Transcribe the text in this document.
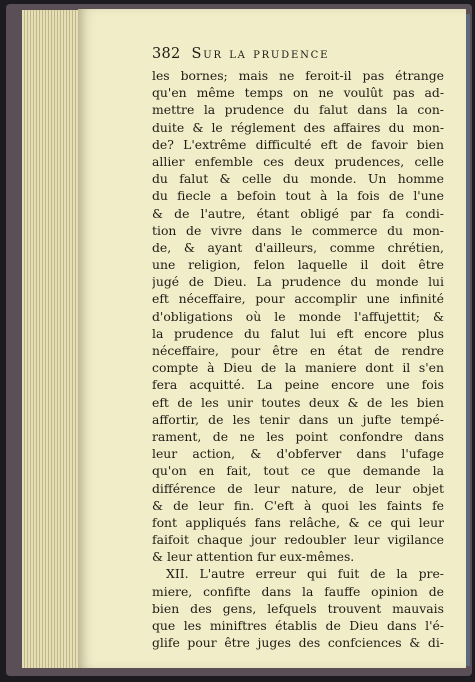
382 Sur la prudence
les bornes; mais ne feroit-il pas étrange
qu'en même temps on ne voulût pas ad-
mettre la prudence du falut dans la con-
duite & le réglement des affaires du mon-
de? L'extrême difficulté eft de favoir bien
allier enfemble ces deux prudences, celle
du falut & celle du monde. Un homme
du fiecle a befoin tout à la fois de l'une
& de l'autre, étant obligé par fa condi-
tion de vivre dans le commerce du mon-
de, & ayant d'ailleurs, comme chrétien,
une religion, felon laquelle il doit être
jugé de Dieu. La prudence du monde lui
eft néceffaire, pour accomplir une infinité
d'obligations où le monde l'affujettit; &
la prudence du falut lui eft encore plus
néceffaire, pour être en état de rendre
compte à Dieu de la maniere dont il s'en
fera acquitté. La peine encore une fois
eft de les unir toutes deux & de les bien
affortir, de les tenir dans un jufte tempé-
rament, de ne les point confondre dans
leur action, & d'obferver dans l'ufage
qu'on en fait, tout ce que demande la
différence de leur nature, de leur objet
& de leur fin. C'eft à quoi les faints fe
font appliqués fans relâche, & ce qui leur
faifoit chaque jour redoubler leur vigilance
& leur attention fur eux-mêmes.
XII. L'autre erreur qui fuit de la pre-
miere, confifte dans la fauffe opinion de
bien des gens, lefquels trouvent mauvais
que les miniftres établis de Dieu dans l'é-
glife pour être juges des confciences & di-
